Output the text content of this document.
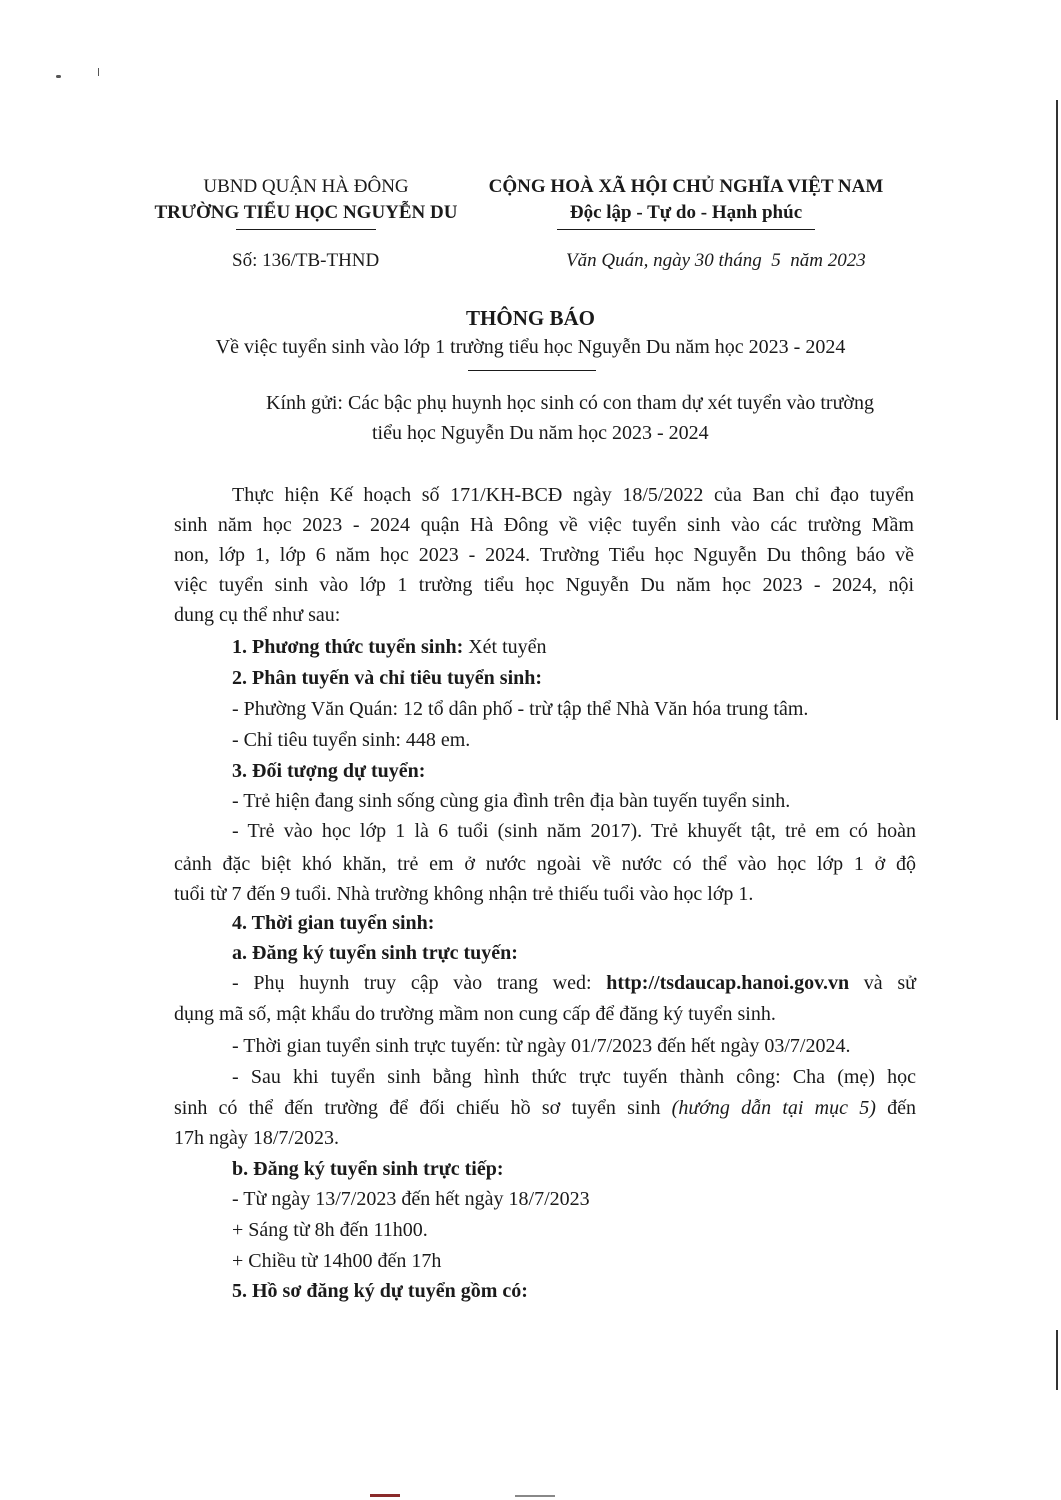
UBND QUẬN HÀ ĐÔNG
TRƯỜNG TIỂU HỌC NGUYỄN DU
CỘNG HOÀ XÃ HỘI CHỦ NGHĨA VIỆT NAM
Độc lập - Tự do - Hạnh phúc
Số: 136/TB-THND	Văn Quán, ngày 30 tháng  5  năm 2023
THÔNG BÁO
Về việc tuyển sinh vào lớp 1 trường tiểu học Nguyễn Du năm học 2023 - 2024
Kính gửi: Các bậc phụ huynh học sinh có con tham dự xét tuyển vào trường
tiểu học Nguyễn Du năm học 2023 - 2024
Thực hiện Kế hoạch số 171/KH-BCĐ ngày 18/5/2022 của Ban chỉ đạo tuyển
sinh năm học 2023 - 2024 quận Hà Đông về việc tuyển sinh vào các trường Mầm
non, lớp 1, lớp 6 năm học 2023 - 2024. Trường Tiểu học Nguyễn Du thông báo về
việc tuyển sinh vào lớp 1 trường tiểu học Nguyễn Du năm học 2023 - 2024, nội
dung cụ thể như sau:
1. Phương thức tuyển sinh: Xét tuyển
2. Phân tuyến và chỉ tiêu tuyển sinh:
- Phường Văn Quán: 12 tổ dân phố - trừ tập thể Nhà Văn hóa trung tâm.
- Chỉ tiêu tuyển sinh: 448 em.
3. Đối tượng dự tuyển:
- Trẻ hiện đang sinh sống cùng gia đình trên địa bàn tuyến tuyển sinh.
- Trẻ vào học lớp 1 là 6 tuổi (sinh năm 2017). Trẻ khuyết tật, trẻ em có hoàn
cảnh đặc biệt khó khăn, trẻ em ở nước ngoài về nước có thể vào học lớp 1 ở độ
tuổi từ 7 đến 9 tuổi. Nhà trường không nhận trẻ thiếu tuổi vào học lớp 1.
4. Thời gian tuyển sinh:
a. Đăng ký tuyển sinh trực tuyến:
- Phụ huynh truy cập vào trang wed: http://tsdaucap.hanoi.gov.vn và sử
dụng mã số, mật khẩu do trường mầm non cung cấp để đăng ký tuyển sinh.
- Thời gian tuyển sinh trực tuyến: từ ngày 01/7/2023 đến hết ngày 03/7/2024.
- Sau khi tuyển sinh bằng hình thức trực tuyến thành công: Cha (mẹ) học
sinh có thể đến trường để đối chiếu hồ sơ tuyển sinh (hướng dẫn tại mục 5) đến
17h ngày 18/7/2023.
b. Đăng ký tuyển sinh trực tiếp:
- Từ ngày 13/7/2023 đến hết ngày 18/7/2023
+ Sáng từ 8h đến 11h00.
+ Chiều từ 14h00 đến 17h
5. Hồ sơ đăng ký dự tuyển gồm có:
